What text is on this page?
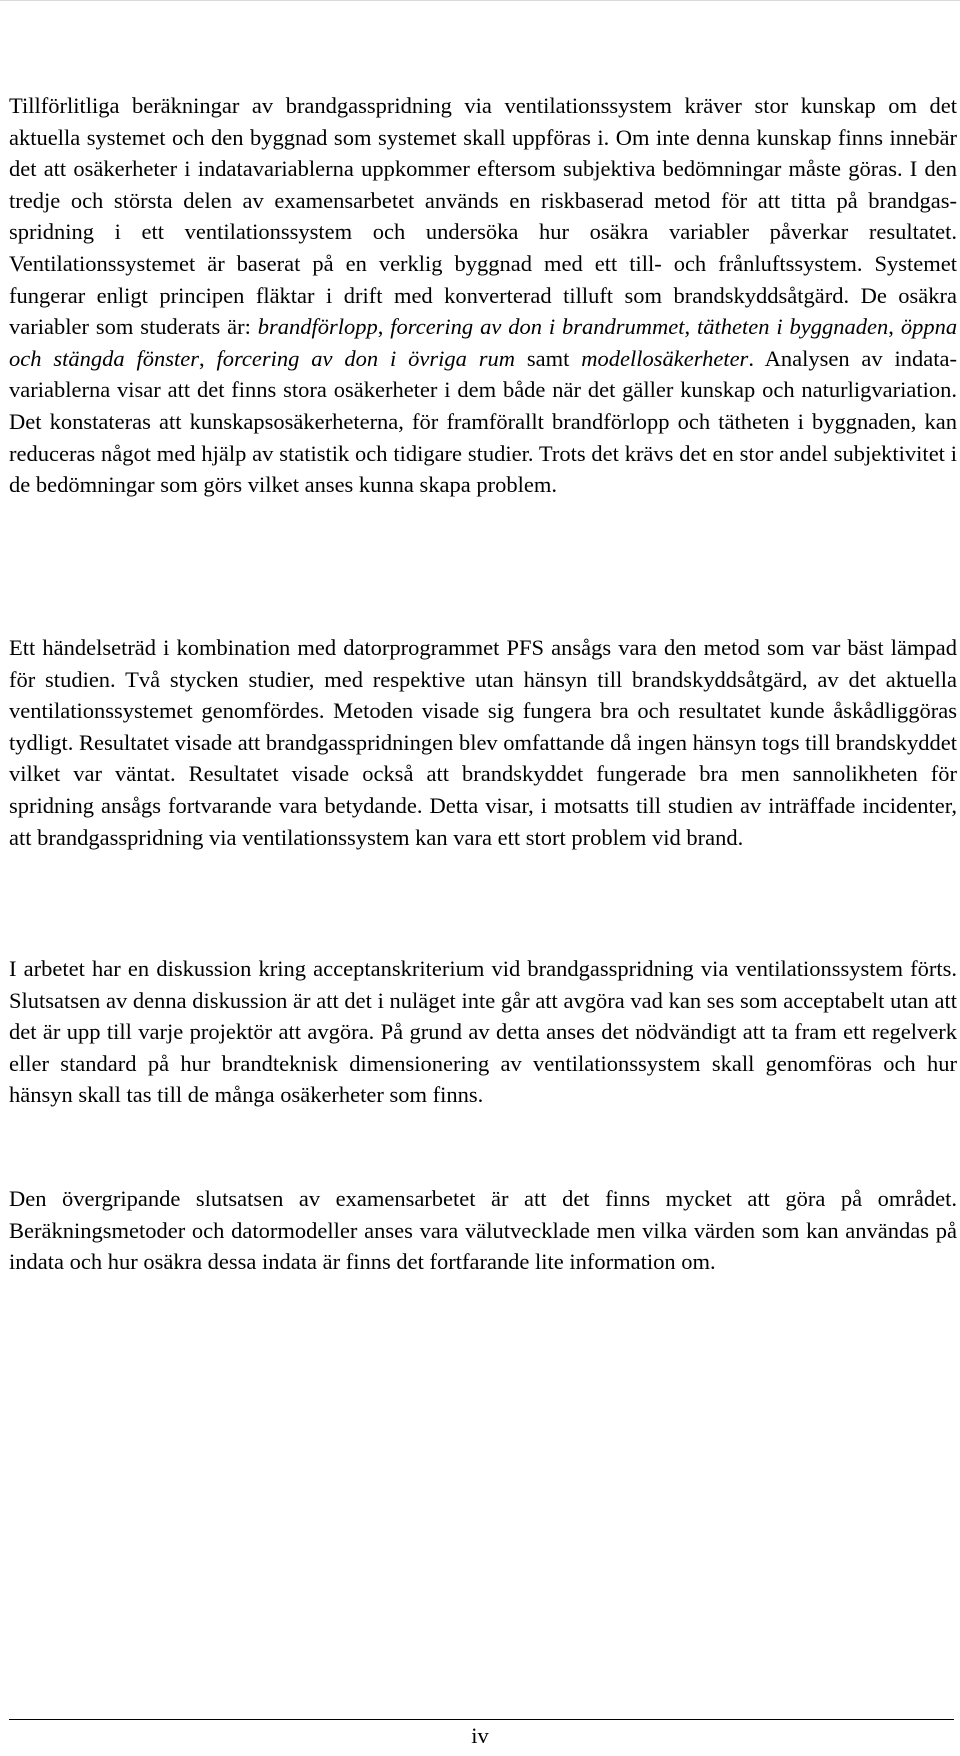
Tillförlitliga beräkningar av brandgasspridning via ventilationssystem kräver stor kunskap om det aktuella systemet och den byggnad som systemet skall uppföras i. Om inte denna kunskap finns innebär det att osäkerheter i indatavariablerna uppkommer eftersom subjektiva bedömningar måste göras. I den tredje och största delen av examensarbetet används en riskbaserad metod för att titta på brandgas-spridning i ett ventilationssystem och undersöka hur osäkra variabler påverkar resultatet. Ventilationssystemet är baserat på en verklig byggnad med ett till- och frånluftssystem. Systemet fungerar enligt principen fläktar i drift med konverterad tilluft som brandskyddsåtgärd. De osäkra variabler som studerats är: brandförlopp, forcering av don i brandrummet, tätheten i byggnaden, öppna och stängda fönster, forcering av don i övriga rum samt modellosäkerheter. Analysen av indata-variablerna visar att det finns stora osäkerheter i dem både när det gäller kunskap och naturligvariation. Det konstateras att kunskapsosäkerheterna, för framförallt brandförlopp och tätheten i byggnaden, kan reduceras något med hjälp av statistik och tidigare studier. Trots det krävs det en stor andel subjektivitet i de bedömningar som görs vilket anses kunna skapa problem.

Ett händelseträd i kombination med datorprogrammet PFS ansågs vara den metod som var bäst lämpad för studien. Två stycken studier, med respektive utan hänsyn till brandskyddsåtgärd, av det aktuella ventilationssystemet genomfördes. Metoden visade sig fungera bra och resultatet kunde åskådliggöras tydligt. Resultatet visade att brandgasspridningen blev omfattande då ingen hänsyn togs till brandskyddet vilket var väntat. Resultatet visade också att brandskyddet fungerade bra men sannolikheten för spridning ansågs fortvarande vara betydande. Detta visar, i motsatts till studien av inträffade incidenter, att brandgasspridning via ventilationssystem kan vara ett stort problem vid brand.

I arbetet har en diskussion kring acceptanskriterium vid brandgasspridning via ventilationssystem förts. Slutsatsen av denna diskussion är att det i nuläget inte går att avgöra vad kan ses som acceptabelt utan att det är upp till varje projektör att avgöra. På grund av detta anses det nödvändigt att ta fram ett regelverk eller standard på hur brandteknisk dimensionering av ventilationssystem skall genomföras och hur hänsyn skall tas till de många osäkerheter som finns.

Den övergripande slutsatsen av examensarbetet är att det finns mycket att göra på området. Beräkningsmetoder och datormodeller anses vara välutvecklade men vilka värden som kan användas på indata och hur osäkra dessa indata är finns det fortfarande lite information om.

iv
